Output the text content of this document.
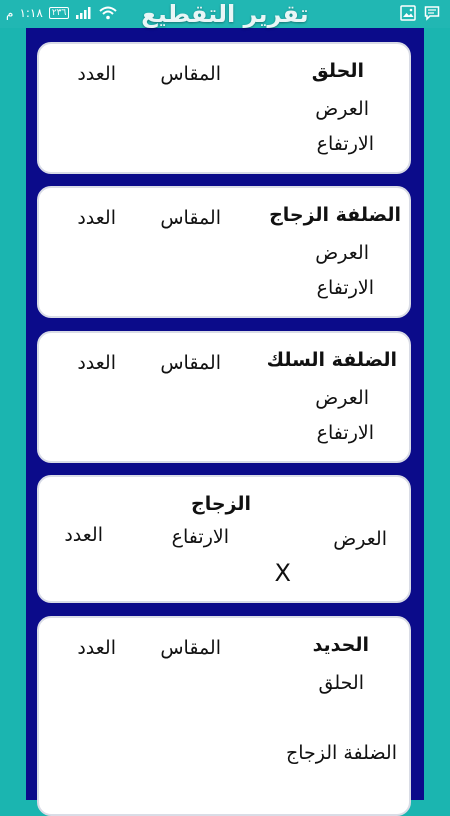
م ١:١٨	٢٣٦
الحلق
المقاس
العدد
العرض
الارتفاع
الضلفة الزجاج
المقاس
العدد
العرض
الارتفاع
الضلفة السلك
المقاس
العدد
العرض
الارتفاع
الزجاج
العرض
الارتفاع
العدد
X
الحديد
المقاس
العدد
الحلق
الضلفة الزجاج
تقرير التقطيع
